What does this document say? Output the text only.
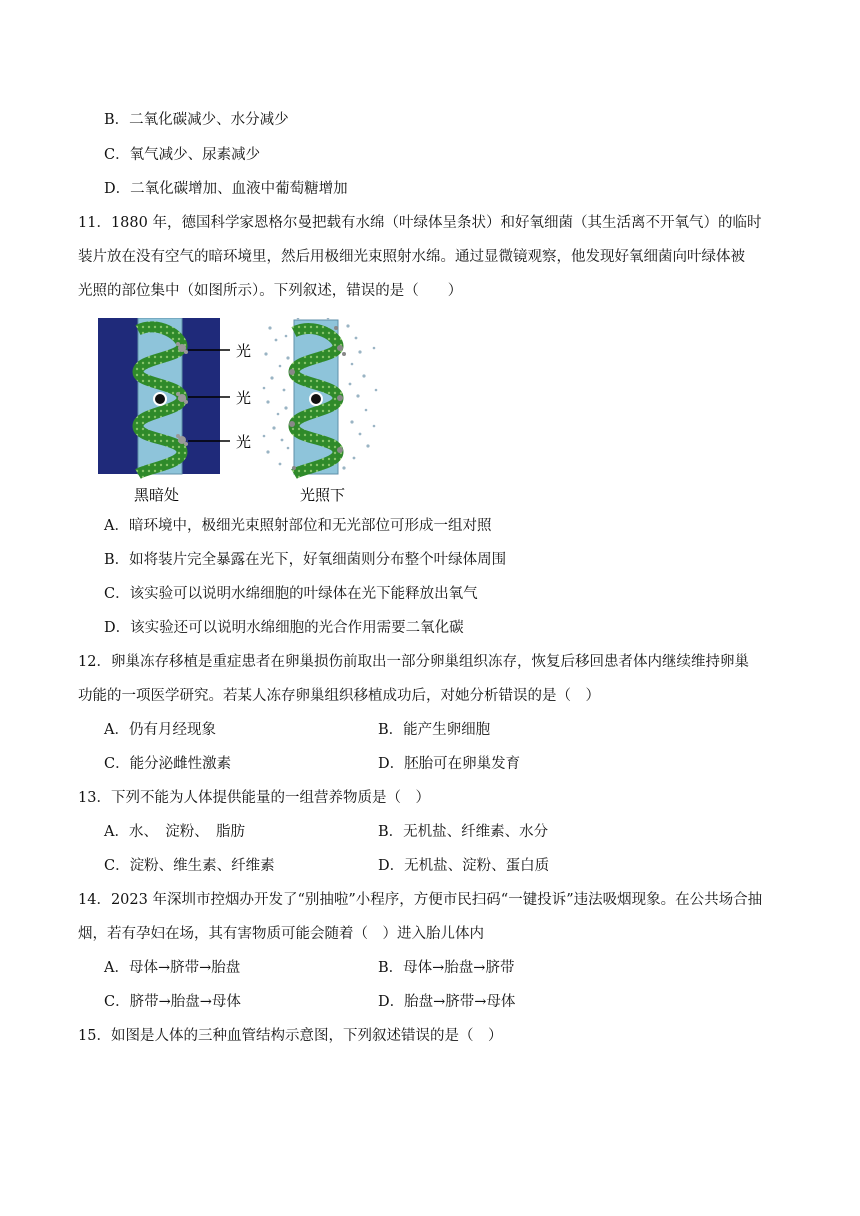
B．二氧化碳减少、水分减少
C．氧气减少、尿素减少
D．二氧化碳增加、血液中葡萄糖增加
11．1880 年，德国科学家恩格尔曼把载有水绵（叶绿体呈条状）和好氧细菌（其生活离不开氧气）的临时
装片放在没有空气的暗环境里，然后用极细光束照射水绵。通过显微镜观察，他发现好氧细菌向叶绿体被
光照的部位集中（如图所示）。下列叙述，错误的是（　　）
光
光
光
黑暗处	光照下
A．暗环境中，极细光束照射部位和无光部位可形成一组对照
B．如将装片完全暴露在光下，好氧细菌则分布整个叶绿体周围
C．该实验可以说明水绵细胞的叶绿体在光下能释放出氧气
D．该实验还可以说明水绵细胞的光合作用需要二氧化碳
12．卵巢冻存移植是重症患者在卵巢损伤前取出一部分卵巢组织冻存，恢复后移回患者体内继续维持卵巢
功能的一项医学研究。若某人冻存卵巢组织移植成功后，对她分析错误的是（　）
A．仍有月经现象	B．能产生卵细胞
C．能分泌雌性激素	D．胚胎可在卵巢发育
13．下列不能为人体提供能量的一组营养物质是（　）
A．水、　淀粉、　脂肪	B．无机盐、纤维素、水分
C．淀粉、维生素、纤维素	D．无机盐、淀粉、蛋白质
14．2023 年深圳市控烟办开发了“别抽啦”小程序，方便市民扫码“一键投诉”违法吸烟现象。在公共场合抽
烟，若有孕妇在场，其有害物质可能会随着（　）进入胎儿体内
A．母体→脐带→胎盘	B．母体→胎盘→脐带
C．脐带→胎盘→母体	D．胎盘→脐带→母体
15．如图是人体的三种血管结构示意图，下列叙述错误的是（　）
